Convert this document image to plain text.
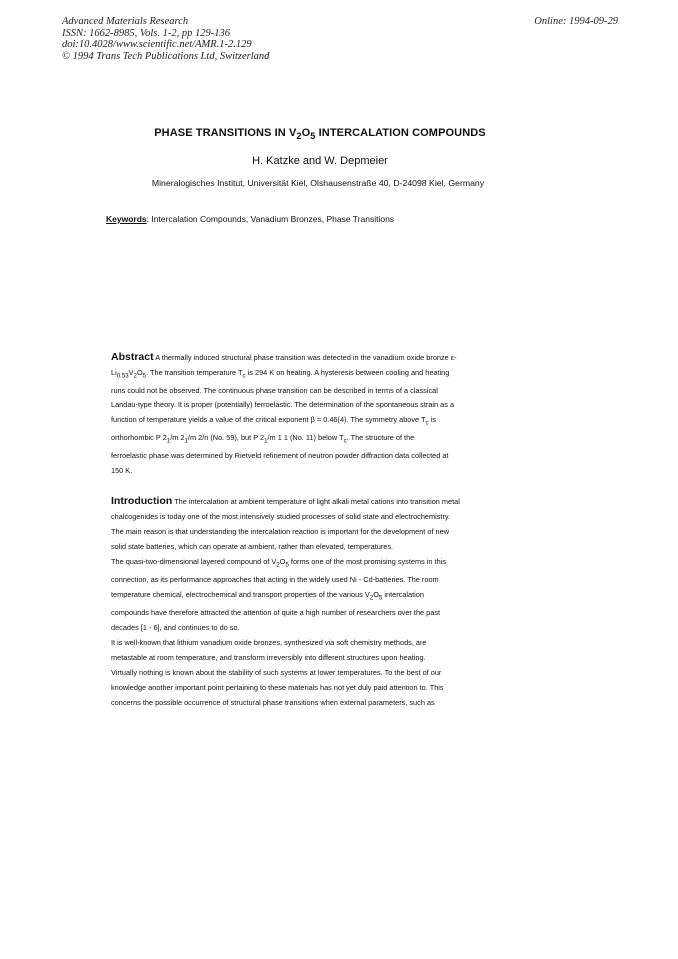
Advanced Materials Research
ISSN: 1662-8985, Vols. 1-2, pp 129-136
doi:10.4028/www.scientific.net/AMR.1-2.129
© 1994 Trans Tech Publications Ltd, Switzerland
Online: 1994-09-29
PHASE TRANSITIONS IN $V_2O_5$ INTERCALATION COMPOUNDS
H. Katzke and W. Depmeier
Mineralogisches Institut, Universität Kiel, Olshausenstraße 40, D-24098 Kiel, Germany
Keywords: Intercalation Compounds, Vanadium Bronzes, Phase Transitions
Abstract A thermally induced structural phase transition was detected in the vanadium oxide bronze ε-
$Li_{0.53}V_2O_5$. The transition temperature $T_c$ is 294 K on heating. A hysteresis between cooling and heating
runs could not be observed. The continuous phase transition can be described in terms of a classical
Landau-type theory. It is proper (potentially) ferroelastic. The determination of the spontaneous strain as a
function of temperature yields a value of the critical exponent β = 0.46(4). The symmetry above $T_c$ is
orthorhombic P $2_1/m$ $2_1/m$ 2/n (No. 59), but P $2_1/m$ 1 1 (No. 11) below $T_c$. The structure of the
ferroelastic phase was determined by Rietveld refinement of neutron powder diffraction data collected at
150 K.
Introduction The intercalation at ambient temperature of light alkali metal cations into transition metal
chalcogenides is today one of the most intensively studied processes of solid state and electrochemistry.
The main reason is that understanding the intercalation reaction is important for the development of new
solid state batteries, which can operate at ambient, rather than elevated, temperatures.
The quasi-two-dimensional layered compound of $V_2O_5$ forms one of the most promising systems in this
connection, as its performance approaches that acting in the widely used Ni - Cd-batteries. The room
temperature chemical, electrochemical and transport properties of the various $V_2O_5$ intercalation
compounds have therefore attracted the attention of quite a high number of researchers over the past
decades [1 - 6], and continues to do so.
It is well-known that lithium vanadium oxide bronzes, synthesized via soft chemistry methods, are
metastable at room temperature, and transform irreversibly into different structures upon heating.
Virtually nothing is known about the stability of such systems at lower temperatures. To the best of our
knowledge another important point pertaining to these materials has not yet duly paid attention to. This
concerns the possible occurrence of structural phase transitions when external parameters, such as
